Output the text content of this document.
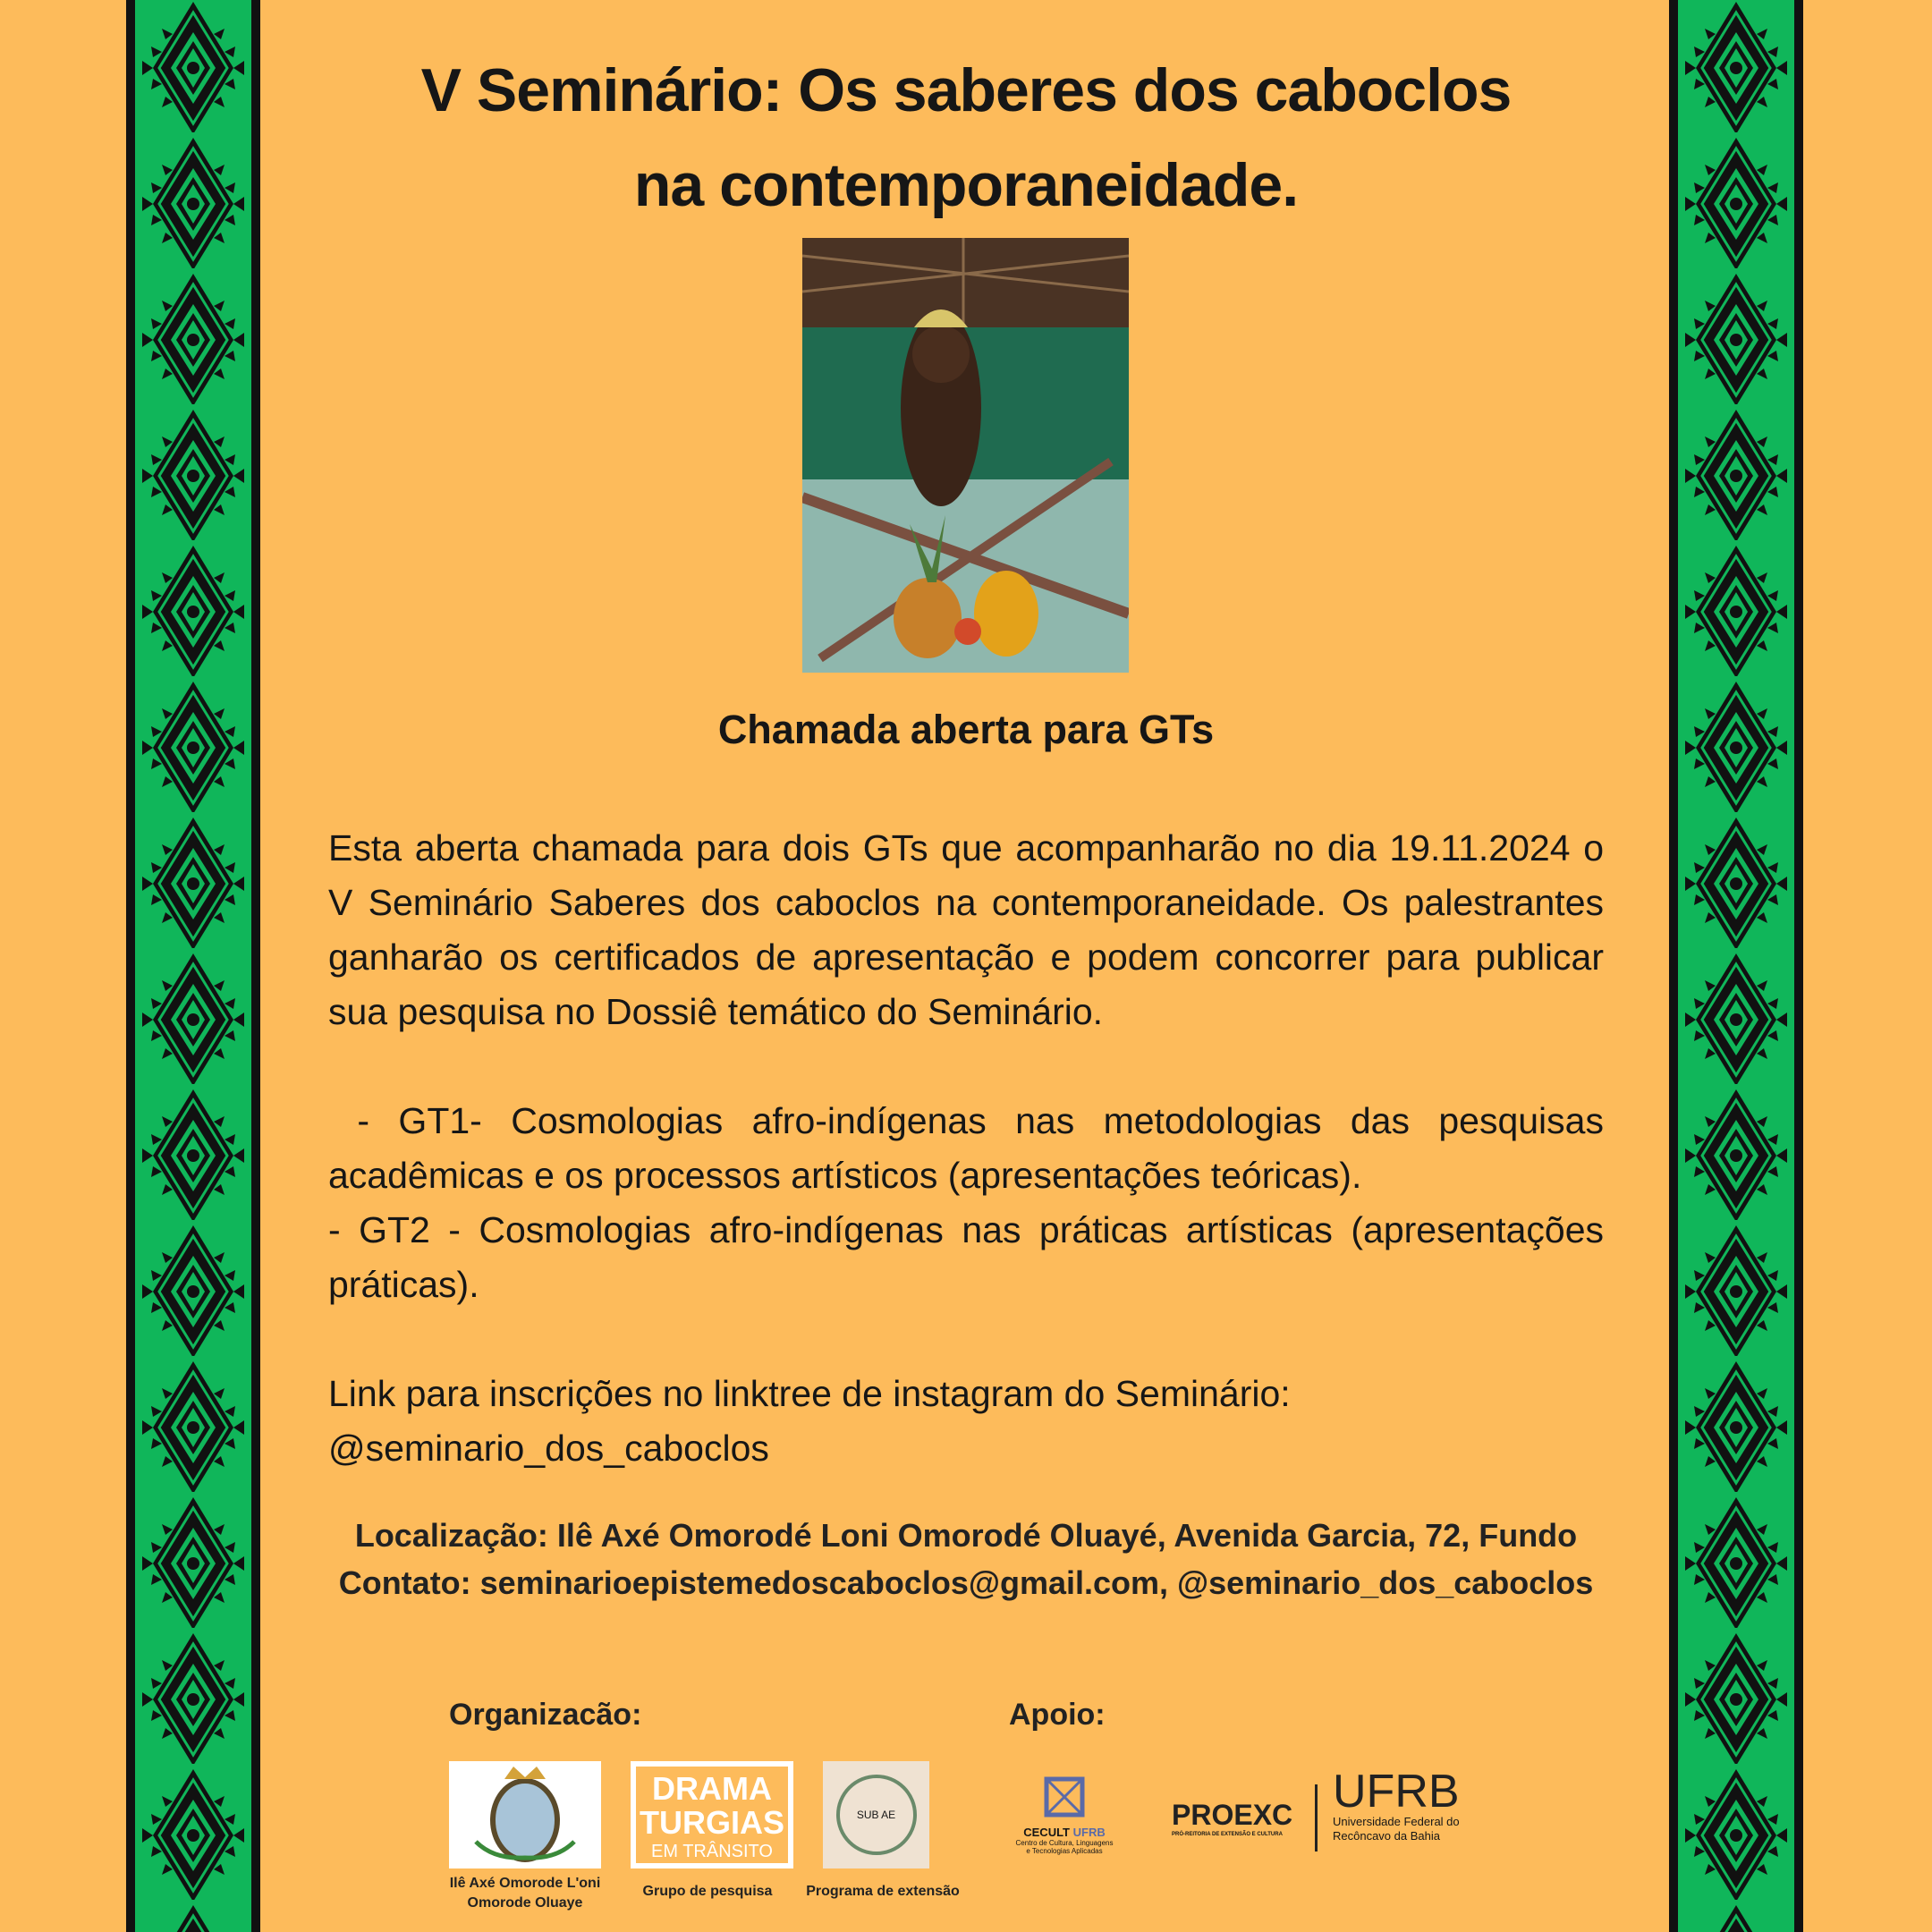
V Seminário: Os saberes dos caboclos
na contemporaneidade.
Chamada aberta para GTs

Esta aberta chamada para dois GTs que acompanharão no dia 19.11.2024 o V Seminário Saberes dos caboclos na contemporaneidade. Os palestrantes ganharão os certificados de apresentação e podem concorrer para publicar sua pesquisa no Dossiê temático do Seminário.

- GT1- Cosmologias afro-indígenas nas metodologias das pesquisas acadêmicas e os processos artísticos (apresentações teóricas).

- GT2 - Cosmologias afro-indígenas nas práticas artísticas (apresentações práticas).

Link para inscrições no linktree de instagram do Seminário:

@seminario_dos_caboclos

Localização: Ilê Axé Omorodé Loni Omorodé Oluayé, Avenida Garcia, 72, Fundo
Contato: seminarioepistemedoscaboclos@gmail.com, @seminario_dos_caboclos
Organizacão:	Apoio:
Ilê Axé Omorode L'oni Omorode Oluaye
DRAMA
TURGIAS
EM TRÂNSITO
Grupo de pesquisa
SUB AE
Programa de extensão
CECULT UFRB
Centro de Cultura, Linguagens
e Tecnologias Aplicadas
PROEXC
PRÓ-REITORIA DE EXTENSÃO E CULTURA
UFRB
Universidade Federal do
Recôncavo da Bahia
